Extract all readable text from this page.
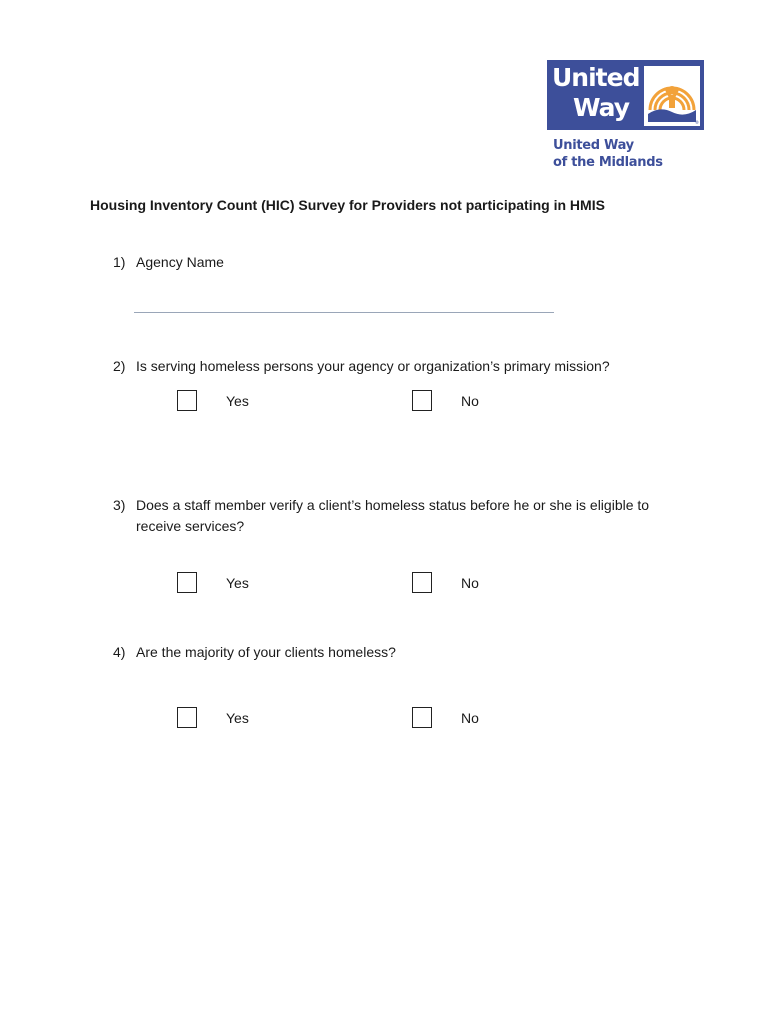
United
Way
®
United Way
of the Midlands
Housing Inventory Count (HIC) Survey for Providers not participating in HMIS
1) Agency Name
2) Is serving homeless persons your agency or organization’s primary mission?
Yes	No
3) Does a staff member verify a client’s homeless status before he or she is eligible to receive services?
Yes	No
4) Are the majority of your clients homeless?
Yes	No
